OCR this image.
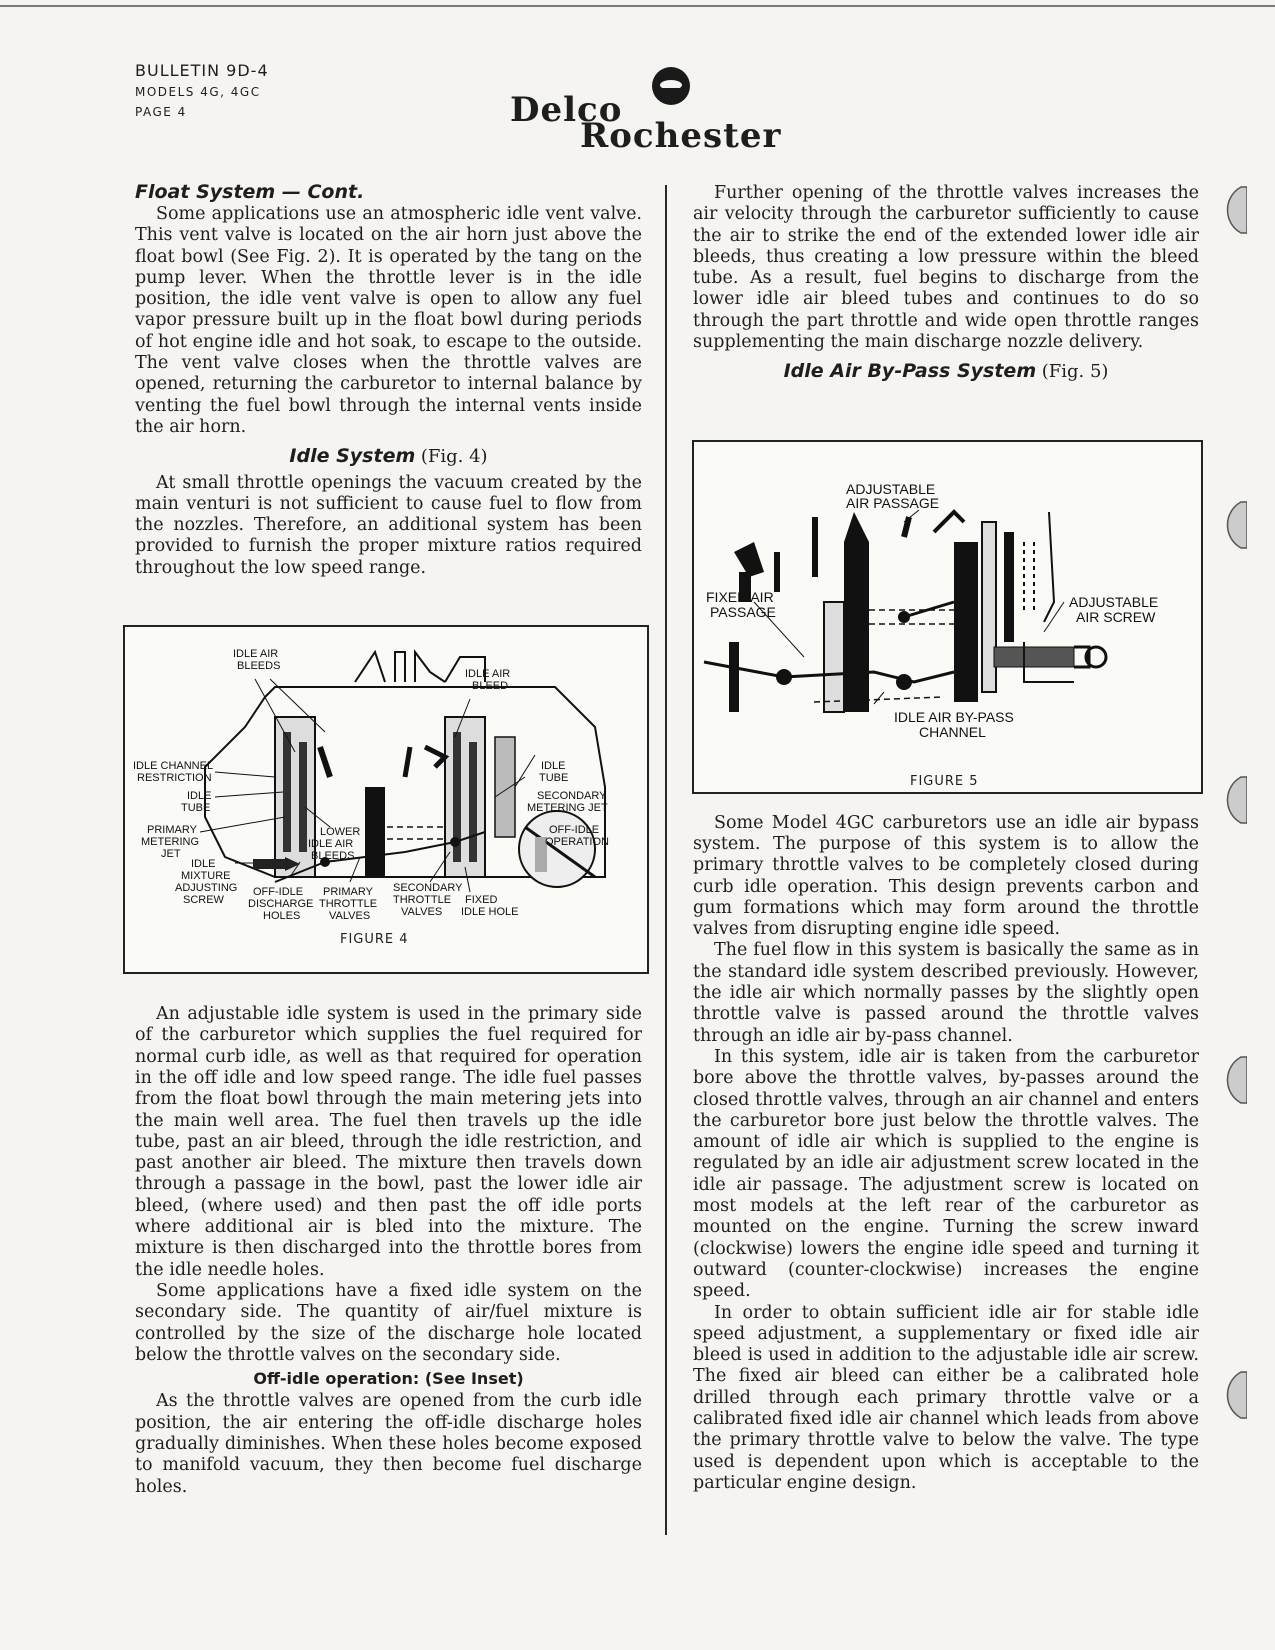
BULLETIN 9D-4
MODELS 4G, 4GC
PAGE 4	Delco
Rochester
Float System — Cont.

Some applications use an atmospheric idle vent valve. This vent valve is located on the air horn just above the float bowl (See Fig. 2). It is operated by the tang on the pump lever. When the throttle lever is in the idle position, the idle vent valve is open to allow any fuel vapor pressure built up in the float bowl during periods of hot engine idle and hot soak, to escape to the outside. The vent valve closes when the throttle valves are opened, returning the carburetor to internal balance by venting the fuel bowl through the internal vents inside the air horn.

Idle System (Fig. 4)

At small throttle openings the vacuum created by the main venturi is not sufficient to cause fuel to flow from the nozzles. Therefore, an additional system has been provided to furnish the proper mixture ratios required throughout the low speed range.

An adjustable idle system is used in the primary side of the carburetor which supplies the fuel required for normal curb idle, as well as that required for operation in the off idle and low speed range. The idle fuel passes from the float bowl through the main metering jets into the main well area. The fuel then travels up the idle tube, past an air bleed, through the idle restriction, and past another air bleed. The mixture then travels down through a passage in the bowl, past the lower idle air bleed, (where used) and then past the off idle ports where additional air is bled into the mixture. The mixture is then discharged into the throttle bores from the idle needle holes.

Some applications have a fixed idle system on the secondary side. The quantity of air/fuel mixture is controlled by the size of the discharge hole located below the throttle valves on the secondary side.

Off-idle operation: (See Inset)

As the throttle valves are opened from the curb idle position, the air entering the off-idle discharge holes gradually diminishes. When these holes become exposed to manifold vacuum, they then become fuel discharge holes.

IDLE AIR
BLEEDS
IDLE AIR
BLEED
IDLE CHANNEL
RESTRICTION
IDLE
TUBE
IDLE
TUBE
SECONDARY
METERING JET
PRIMARY
METERING
JET
LOWER
IDLE AIR
BLEEDS
OFF-IDLE
OPERATION
IDLE
MIXTURE
ADJUSTING
SCREW
OFF-IDLE
DISCHARGE
HOLES
PRIMARY
THROTTLE
VALVES
SECONDARY
THROTTLE
VALVES
FIXED
IDLE HOLE
FIGURE 4

Further opening of the throttle valves increases the air velocity through the carburetor sufficiently to cause the air to strike the end of the extended lower idle air bleeds, thus creating a low pressure within the bleed tube. As a result, fuel begins to discharge from the lower idle air bleed tubes and continues to do so through the part throttle and wide open throttle ranges supplementing the main discharge nozzle delivery.

Idle Air By-Pass System (Fig. 5)

Some Model 4GC carburetors use an idle air bypass system. The purpose of this system is to allow the primary throttle valves to be completely closed during curb idle operation. This design prevents carbon and gum formations which may form around the throttle valves from disrupting engine idle speed.

The fuel flow in this system is basically the same as in the standard idle system described previously. However, the idle air which normally passes by the slightly open throttle valve is passed around the throttle valves through an idle air by-pass channel.

In this system, idle air is taken from the carburetor bore above the throttle valves, by-passes around the closed throttle valves, through an air channel and enters the carburetor bore just below the throttle valves. The amount of idle air which is supplied to the engine is regulated by an idle air adjustment screw located in the idle air passage. The adjustment screw is located on most models at the left rear of the carburetor as mounted on the engine. Turning the screw inward (clockwise) lowers the engine idle speed and turning it outward (counter-clockwise) increases the engine speed.

In order to obtain sufficient idle air for stable idle speed adjustment, a supplementary or fixed idle air bleed is used in addition to the adjustable idle air screw. The fixed air bleed can either be a calibrated hole drilled through each primary throttle valve or a calibrated fixed idle air channel which leads from above the primary throttle valve to below the valve. The type used is dependent upon which is acceptable to the particular engine design.

ADJUSTABLE
AIR PASSAGE
FIXED AIR
PASSAGE
ADJUSTABLE
AIR SCREW
IDLE AIR BY-PASS
CHANNEL
FIGURE 5
